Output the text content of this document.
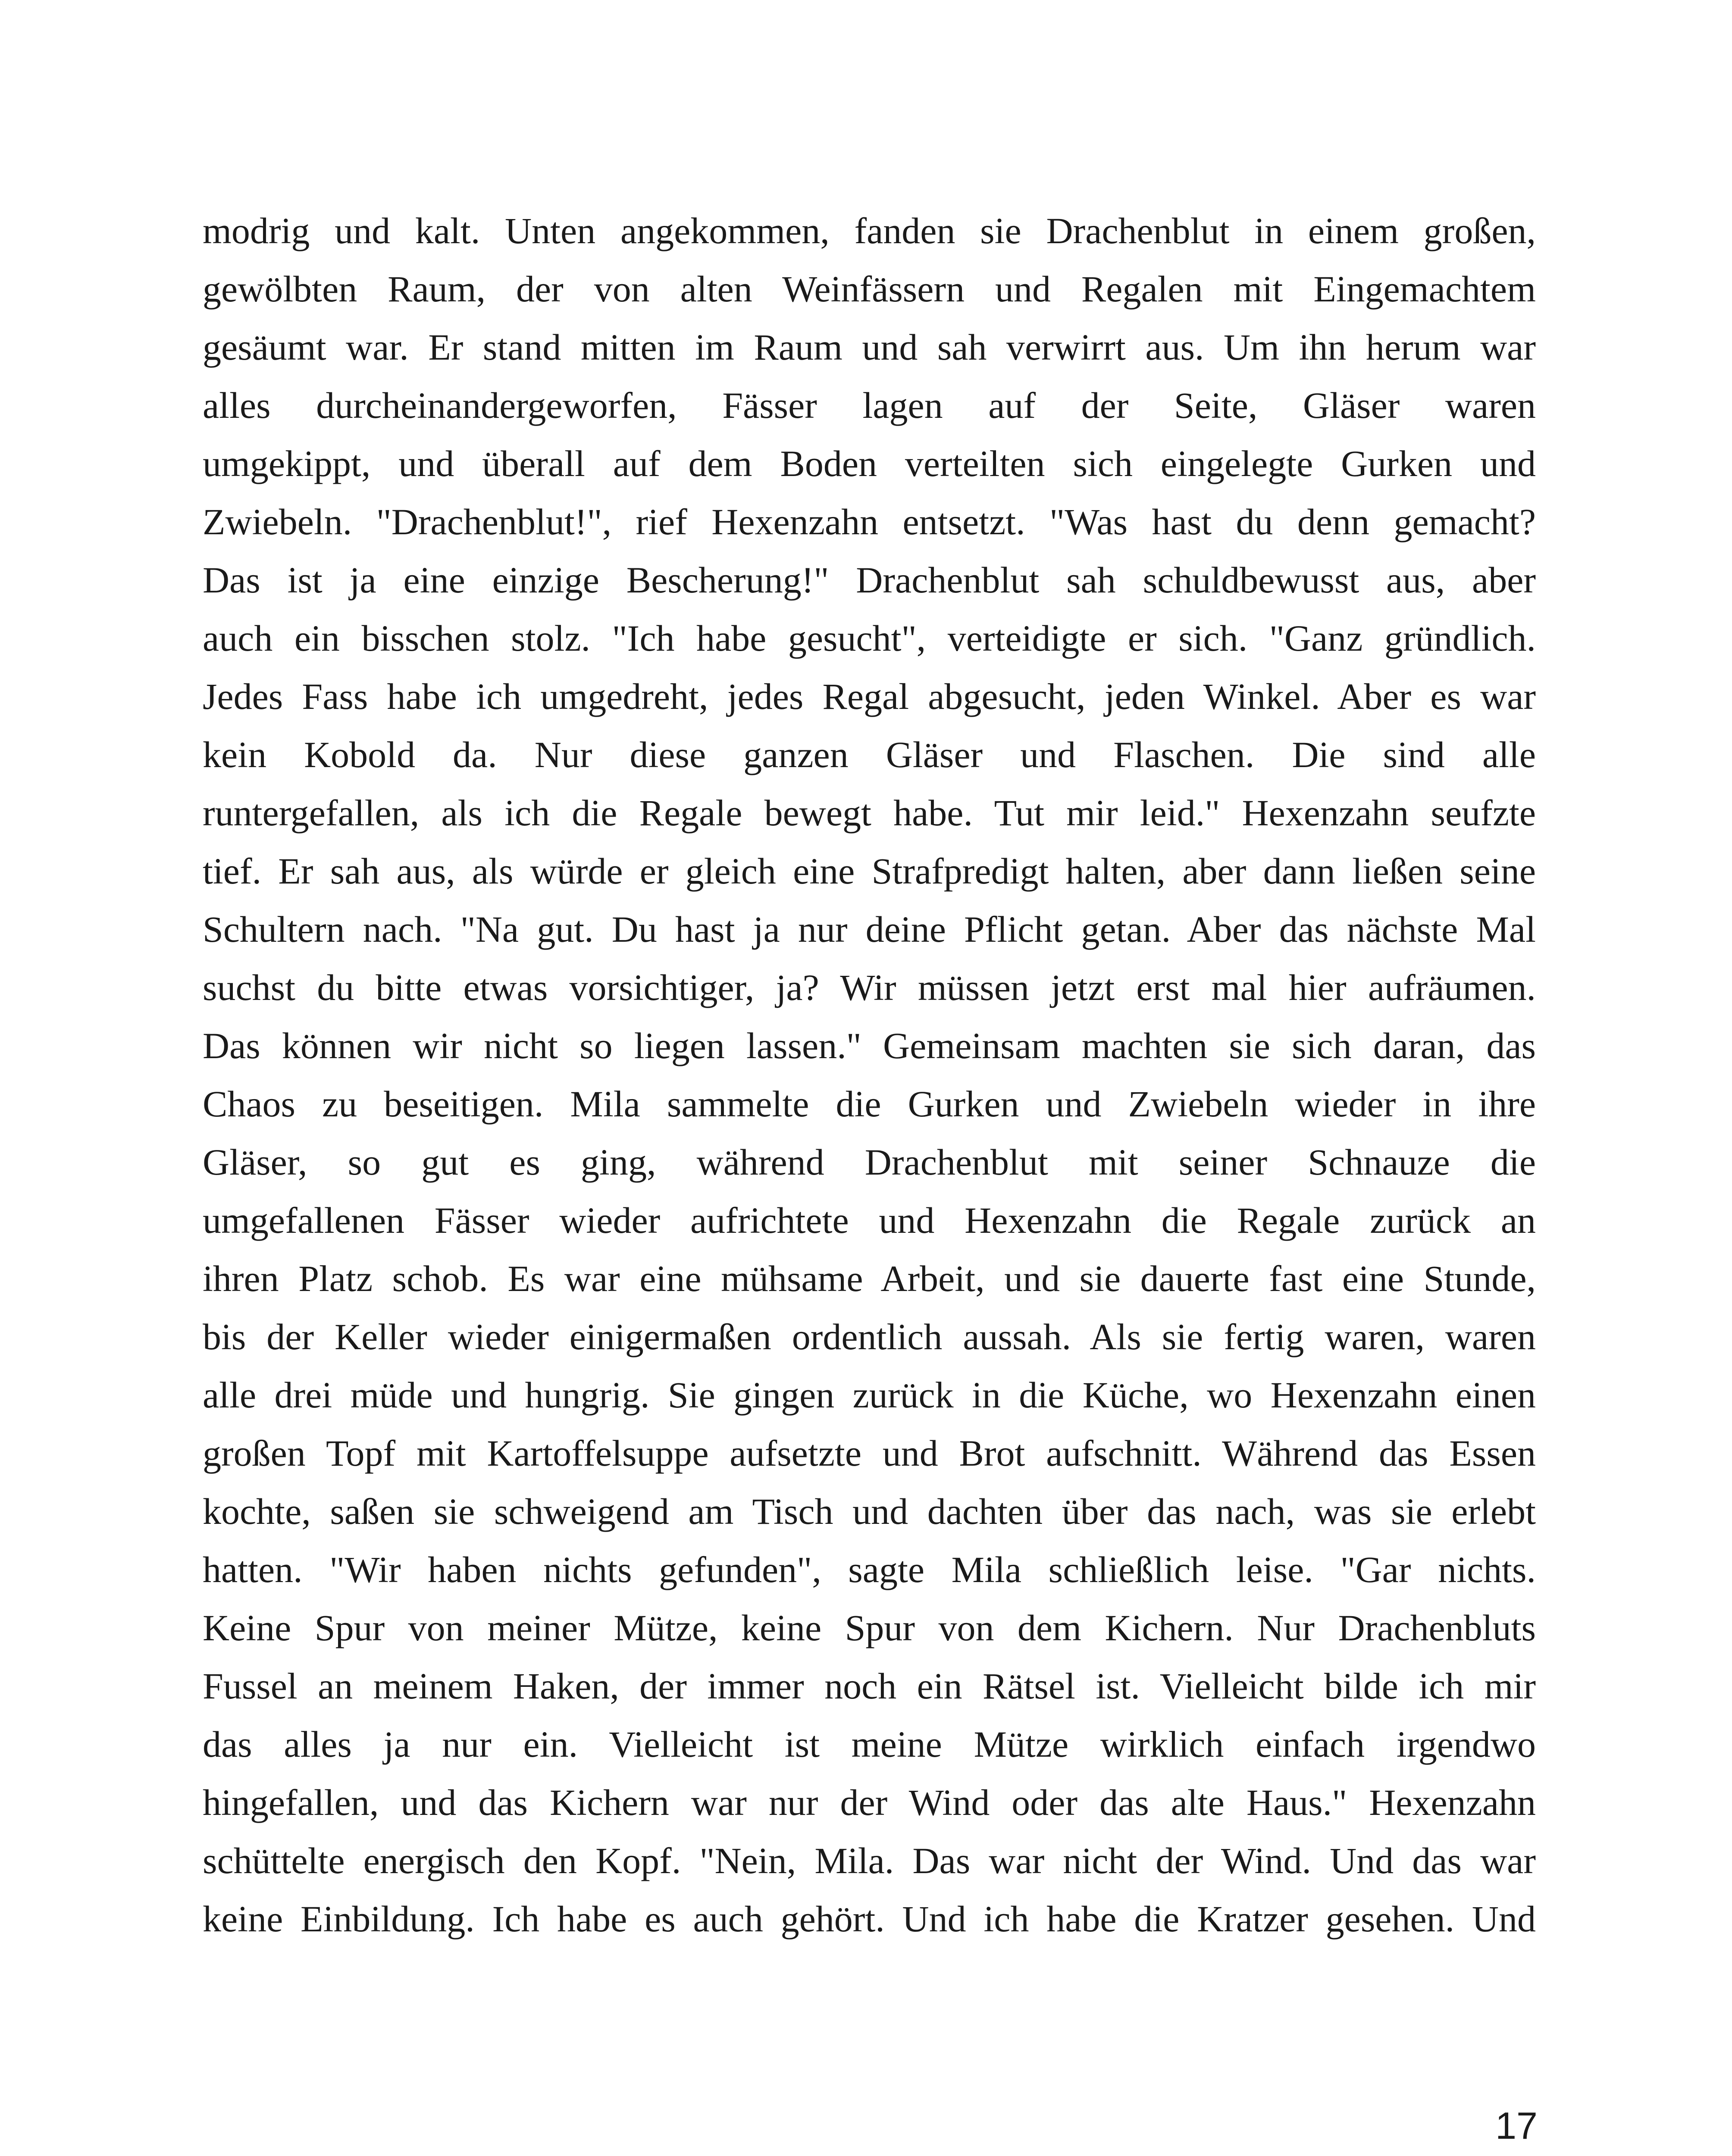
modrig und kalt. Unten angekommen, fanden sie Drachenblut in einem großen,
gewölbten Raum, der von alten Weinfässern und Regalen mit Eingemachtem
gesäumt war. Er stand mitten im Raum und sah verwirrt aus. Um ihn herum war
alles durcheinandergeworfen, Fässer lagen auf der Seite, Gläser waren
umgekippt, und überall auf dem Boden verteilten sich eingelegte Gurken und
Zwiebeln. "Drachenblut!", rief Hexenzahn entsetzt. "Was hast du denn gemacht?
Das ist ja eine einzige Bescherung!" Drachenblut sah schuldbewusst aus, aber
auch ein bisschen stolz. "Ich habe gesucht", verteidigte er sich. "Ganz gründlich.
Jedes Fass habe ich umgedreht, jedes Regal abgesucht, jeden Winkel. Aber es war
kein Kobold da. Nur diese ganzen Gläser und Flaschen. Die sind alle
runtergefallen, als ich die Regale bewegt habe. Tut mir leid." Hexenzahn seufzte
tief. Er sah aus, als würde er gleich eine Strafpredigt halten, aber dann ließen seine
Schultern nach. "Na gut. Du hast ja nur deine Pflicht getan. Aber das nächste Mal
suchst du bitte etwas vorsichtiger, ja? Wir müssen jetzt erst mal hier aufräumen.
Das können wir nicht so liegen lassen." Gemeinsam machten sie sich daran, das
Chaos zu beseitigen. Mila sammelte die Gurken und Zwiebeln wieder in ihre
Gläser, so gut es ging, während Drachenblut mit seiner Schnauze die
umgefallenen Fässer wieder aufrichtete und Hexenzahn die Regale zurück an
ihren Platz schob. Es war eine mühsame Arbeit, und sie dauerte fast eine Stunde,
bis der Keller wieder einigermaßen ordentlich aussah. Als sie fertig waren, waren
alle drei müde und hungrig. Sie gingen zurück in die Küche, wo Hexenzahn einen
großen Topf mit Kartoffelsuppe aufsetzte und Brot aufschnitt. Während das Essen
kochte, saßen sie schweigend am Tisch und dachten über das nach, was sie erlebt
hatten. "Wir haben nichts gefunden", sagte Mila schließlich leise. "Gar nichts.
Keine Spur von meiner Mütze, keine Spur von dem Kichern. Nur Drachenbluts
Fussel an meinem Haken, der immer noch ein Rätsel ist. Vielleicht bilde ich mir
das alles ja nur ein. Vielleicht ist meine Mütze wirklich einfach irgendwo
hingefallen, und das Kichern war nur der Wind oder das alte Haus." Hexenzahn
schüttelte energisch den Kopf. "Nein, Mila. Das war nicht der Wind. Und das war
keine Einbildung. Ich habe es auch gehört. Und ich habe die Kratzer gesehen. Und
17
